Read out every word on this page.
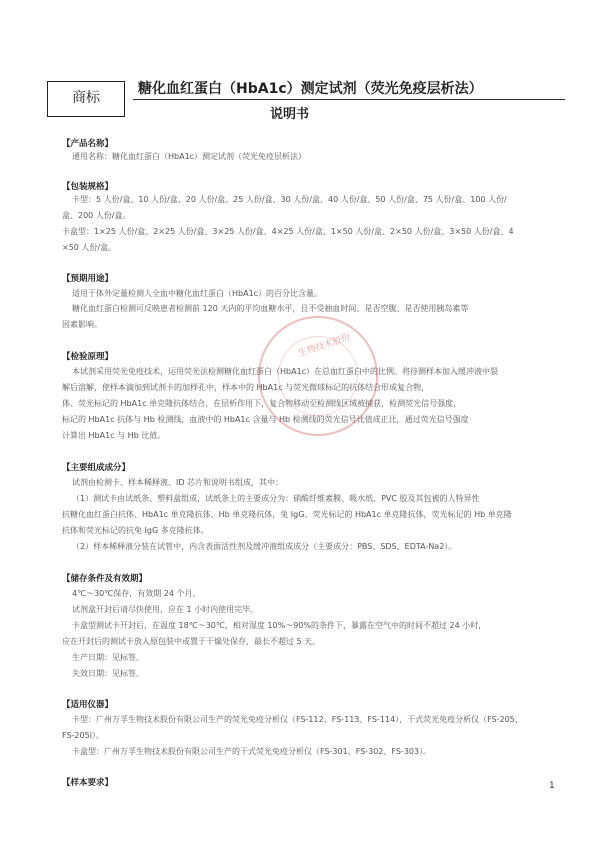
商标
糖化血红蛋白（HbA1c）测定试剂（荧光免疫层析法）
说明书
【产品名称】
通用名称：糖化血红蛋白（HbA1c）测定试剂（荧光免疫层析法）
【包装规格】
卡型：5 人份/盒、10 人份/盒、20 人份/盒、25 人份/盒、30 人份/盒、40 人份/盒、50 人份/盒、75 人份/盒、100 人份/
盒、200 人份/盒。
卡盒型：1×25 人份/盒、2×25 人份/盒、3×25 人份/盒、4×25 人份/盒、1×50 人份/盒、2×50 人份/盒、3×50 人份/盒、4
×50 人份/盒。
【预期用途】
适用于体外定量检测人全血中糖化血红蛋白（HbA1c）的百分比含量。
糖化血红蛋白检测可反映患者检测前 120 天内的平均血糖水平，且不受抽血时间、是否空腹、是否使用胰岛素等
因素影响。
【检验原理】
本试剂采用荧光免疫技术，运用荧光法检测糖化血红蛋白（HbA1c）在总血红蛋白中的比例。将待测样本加入缓冲液中裂
解后溶解，使样本滴加到试剂卡的加样孔中，样本中的 HbA1c 与荧光微球标记的抗体结合形成复合物，
体、荧光标记的 HbA1c 单克隆抗体结合，在层析作用下，复合物移动至检测线区域被捕获，检测荧光信号强度，
标记的 HbA1c 抗体与 Hb 检测线，血液中的 HbA1c 含量与 Hb 检测线的荧光信号比值成正比，通过荧光信号强度
计算出 HbA1c 与 Hb 比值。
【主要组成成分】
试剂由检测卡、样本稀释液、ID 芯片和说明书组成，其中：
（1）测试卡由试纸条、塑料盒组成，试纸条上的主要成分为：硝酸纤维素膜、吸水纸、PVC 胶及其包被的人特异性
抗糖化血红蛋白抗体、HbA1c 单克隆抗体、Hb 单克隆抗体，兔 IgG、荧光标记的 HbA1c 单克隆抗体，荧光标记的 Hb 单克隆
抗体和荧光标记的抗兔 IgG 多克隆抗体。
（2）样本稀释液分装在试管中，内含表面活性剂及缓冲液组成成分（主要成分：PBS、SDS、EDTA-Na2）。
【储存条件及有效期】
4℃～30℃保存，有效期 24 个月。
试剂盒开封后请尽快使用，应在 1 小时内使用完毕。
卡盒型测试卡开封后，在温度 18℃～30℃，相对湿度 10%～90%的条件下，暴露在空气中的时间不超过 24 小时，
应在开封后的测试卡放入原包装中或置于干燥处保存，最长不超过 5 天。
生产日期：见标签。
失效日期：见标签。
【适用仪器】
卡型：广州万孚生物技术股份有限公司生产的荧光免疫分析仪（FS-112、FS-113、FS-114），干式荧光免疫分析仪（FS-205、
FS-205i）。
卡盒型：广州万孚生物技术股份有限公司生产的干式荧光免疫分析仪（FS-301、FS-302、FS-303）。
【样本要求】
生物技术股份
1
